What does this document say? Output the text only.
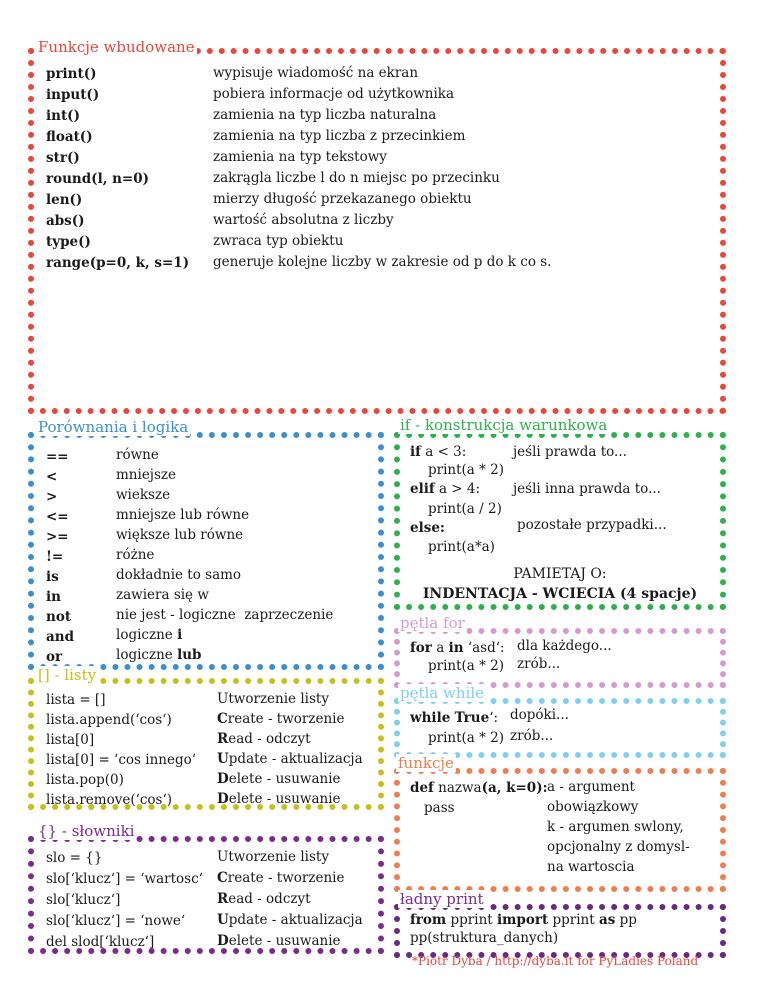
Funkcje wbudowane
print()	wypisuje wiadomość na ekran
input()	pobiera informacje od użytkownika
int()	zamienia na typ liczba naturalna
float()	zamienia na typ liczba z przecinkiem
str()	zamienia na typ tekstowy
round(l, n=0)	zakrągla liczbe l do n miejsc po przecinku
len()	mierzy długość przekazanego obiektu
abs()	wartość absolutna z liczby
type()	zwraca typ obiektu
range(p=0, k, s=1) generuje kolejne liczby w zakresie od p do k co s.
Porównania i logika
==	równe
<	mniejsze
>	wieksze
<=	mniejsze lub równe
>=	większe lub równe
!=	różne
is	dokładnie to samo
in	zawiera się w
not	nie jest - logiczne  zaprzeczenie
and	logiczne i
or	logiczne lub
[] - listy
lista = []	Utworzenie listy
lista.append(‘cos‘)	Create - tworzenie
lista[0]	Read - odczyt
lista[0] = ‘cos innego‘ Update - aktualizacja
lista.pop(0)	Delete - usuwanie
lista.remove(‘cos‘)	Delete - usuwanie
{} - słowniki
slo = {}	Utworzenie listy
slo[‘klucz‘] = ‘wartosc‘ Create - tworzenie
slo[‘klucz‘]	Read - odczyt
slo[‘klucz‘] = ‘nowe‘ Update - aktualizacja
del slod[‘klucz‘]	Delete - usuwanie
if - konstrukcja warunkowa
if a < 3:	jeśli prawda to...
print(a * 2)
elif a > 4: jeśli inna prawda to...
print(a / 2)
else:	pozostałe przypadki...
print(a*a)
PAMIETAJ O:
INDENTACJA - WCIECIA (4 spacje)
pętla for
for a in ‘asd‘: dla każdego...
print(a * 2) zrób...
pętla while
while True‘: dopóki...
print(a * 2) zrób...
funkcje
def nazwa(a, k=0):
pass
a - argument
obowiązkowy
k - argumen swlony,
opcjonalny z domysl-
na wartoscia
ładny print
from pprint import pprint as pp
pp(struktura_danych)
*Piotr Dyba / http://dyba.it for PyLadies Poland
